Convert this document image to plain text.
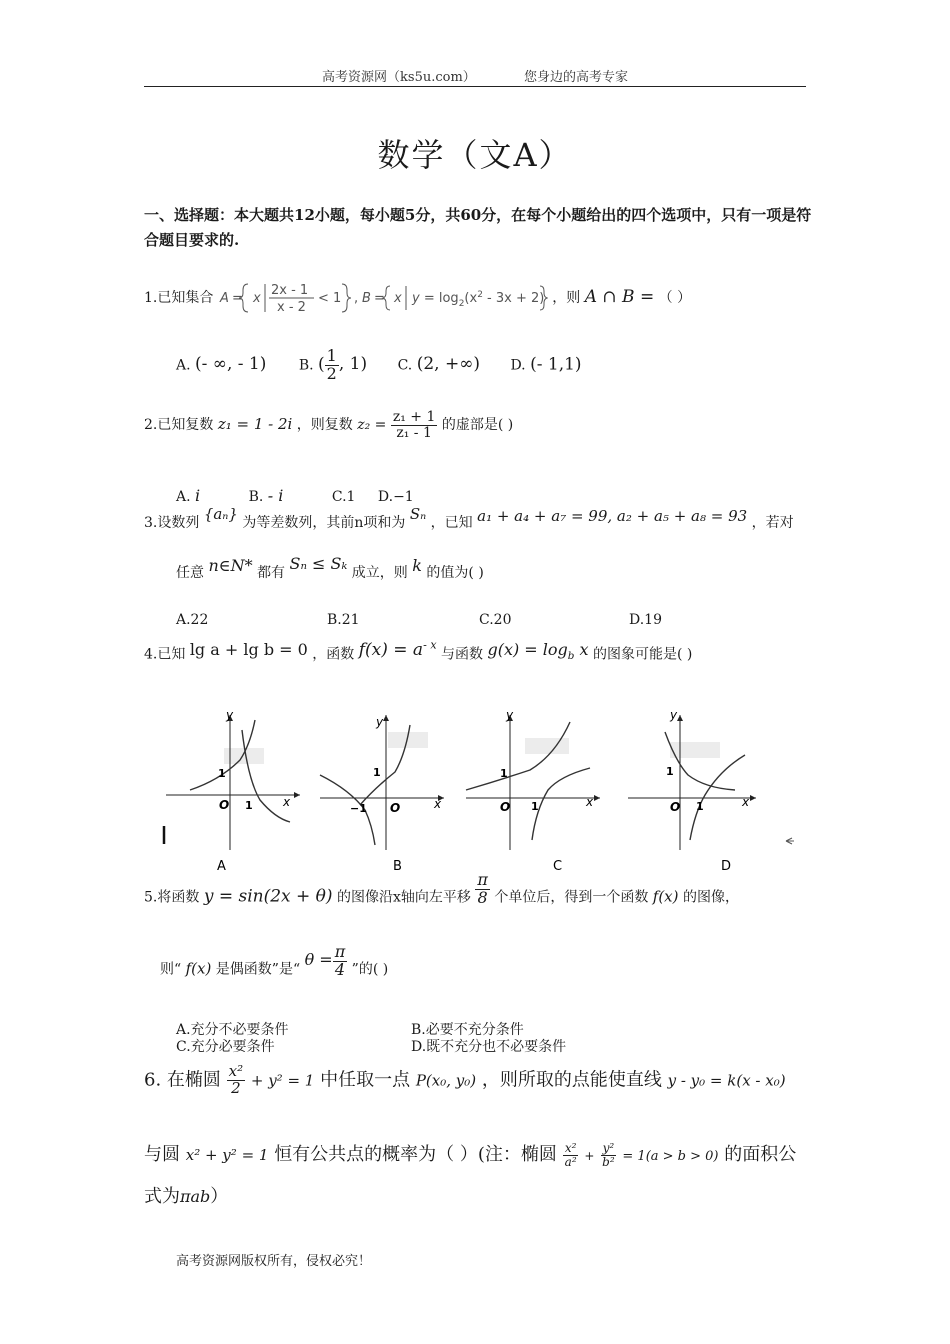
高考资源网（ks5u.com）	您身边的高考专家
数学（文A）
一、选择题：本大题共12小题，每小题5分，共60分，在每个小题给出的四个选项中，只有一项是符合题目要求的.
1.已知集合 A = x
2x - 1
x - 2
< 1 , B = x $y = \log_2(x^2 - 3x + 2)$ ，则 A ∩ B = （ ）
A. (- ∞, - 1) B. ( $\frac{1}{2}$ , 1) C. (2, +∞) D. (- 1,1)
2.已知复数 z₁ = 1 - 2i ，则复数 $z_2 = \frac{\text{z₁ + 1}}{\text{z₁ - 1}}$ 的虚部是( )
A. i	B. - i	C.1 D.−1
3.设数列 {aₙ} 为等差数列，其前n项和为 Sₙ ，已知 a₁ + a₄ + a₇ = 99, a₂ + a₅ + a₈ = 93 ，若对
任意 n∈N* 都有 Sₙ ≤ Sₖ 成立，则 k 的值为( )
A.22	B.21	C.20	D.19
4.已知 lg a + lg b = 0 ，函数 $f(x) = a^{- x}$ 与函数 $g(x) = \log_b x$ 的图象可能是( )
y
x
O
1
1
A
y
x
O
1
−1
B
y
x
O
1
1
C
y
x
O
1
1
D
5.将函数 y = sin(2x + θ) 的图像沿x轴向左平移 $\frac{\pi}{8}$ 个单位后，得到一个函数 f(x) 的图像，
则“ f(x) 是偶函数”是“ $\theta = \frac{\pi}{4}$ ”的( )
A.充分不必要条件	B.必要不充分条件
C.充分必要条件	D.既不充分也不必要条件
6. 在椭圆 $\frac{\text{x²}}{2} + y^2 = 1$ 中任取一点 P(x₀, y₀) ，则所取的点能使直线 y - y₀ = k(x - x₀)
与圆 x² + y² = 1 恒有公共点的概率为（ ）(注：椭圆 $\frac{\text{x²}}{\text{a²}} + \frac{\text{y²}}{\text{b²}} = 1(a > b > 0)$ 的面积公
式为πab）
高考资源网版权所有，侵权必究！
